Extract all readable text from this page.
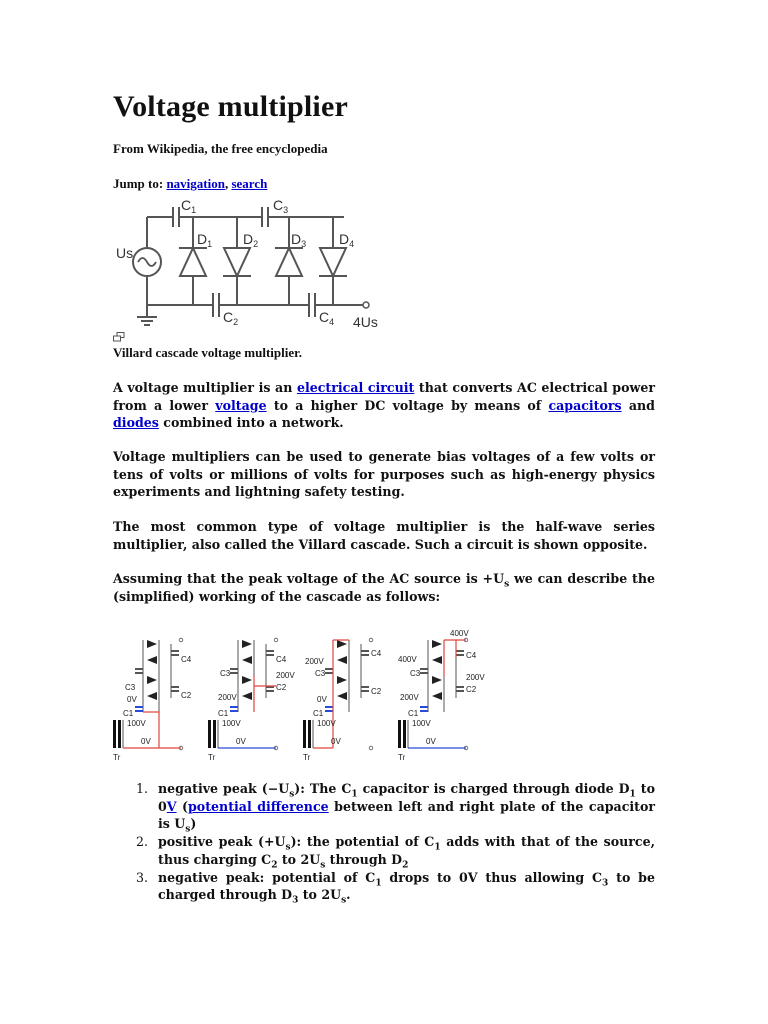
Voltage multiplier
From Wikipedia, the free encyclopedia
Jump to: navigation, search
$C_1$	$C_3$
$C_2$	$C_4$
$D_1$ $D_2$ $D_3$ $D_4$
Us
4Us
Villard cascade voltage multiplier.

A voltage multiplier is an electrical circuit that converts AC electrical power from a lower voltage to a higher DC voltage by means of capacitors and diodes combined into a network.

Voltage multipliers can be used to generate bias voltages of a few volts or tens of volts or millions of volts for purposes such as high-energy physics experiments and lightning safety testing.

The most common type of voltage multiplier is the half-wave series multiplier, also called the Villard cascade. Such a circuit is shown opposite.

Assuming that the peak voltage of the AC source is $+U_s$ we can describe the (simplified) working of the cascade as follows:

C3
C4
C2
0V
C1
100V
0V
Tr
C3
C4
200V
C2
200V
C1
100V
0V
Tr
200V
C4
C3
C2
0V
C1
100V
0V
Tr
400V
400V	C4
C3	200V
C2
200V
C1
100V
0V
Tr
1. negative peak $(-U_s)$: The $C_1$ capacitor is charged through diode $D_1$ to 0V (potential difference between left and right plate of the capacitor is $U_s$)
2. positive peak $(+U_s)$: the potential of $C_1$ adds with that of the source, thus charging $C_2$ to $2U_s$ through $D_2$
3. negative peak: potential of $C_1$ drops to 0V thus allowing $C_3$ to be charged through $D_3$ to $2U_s$.
